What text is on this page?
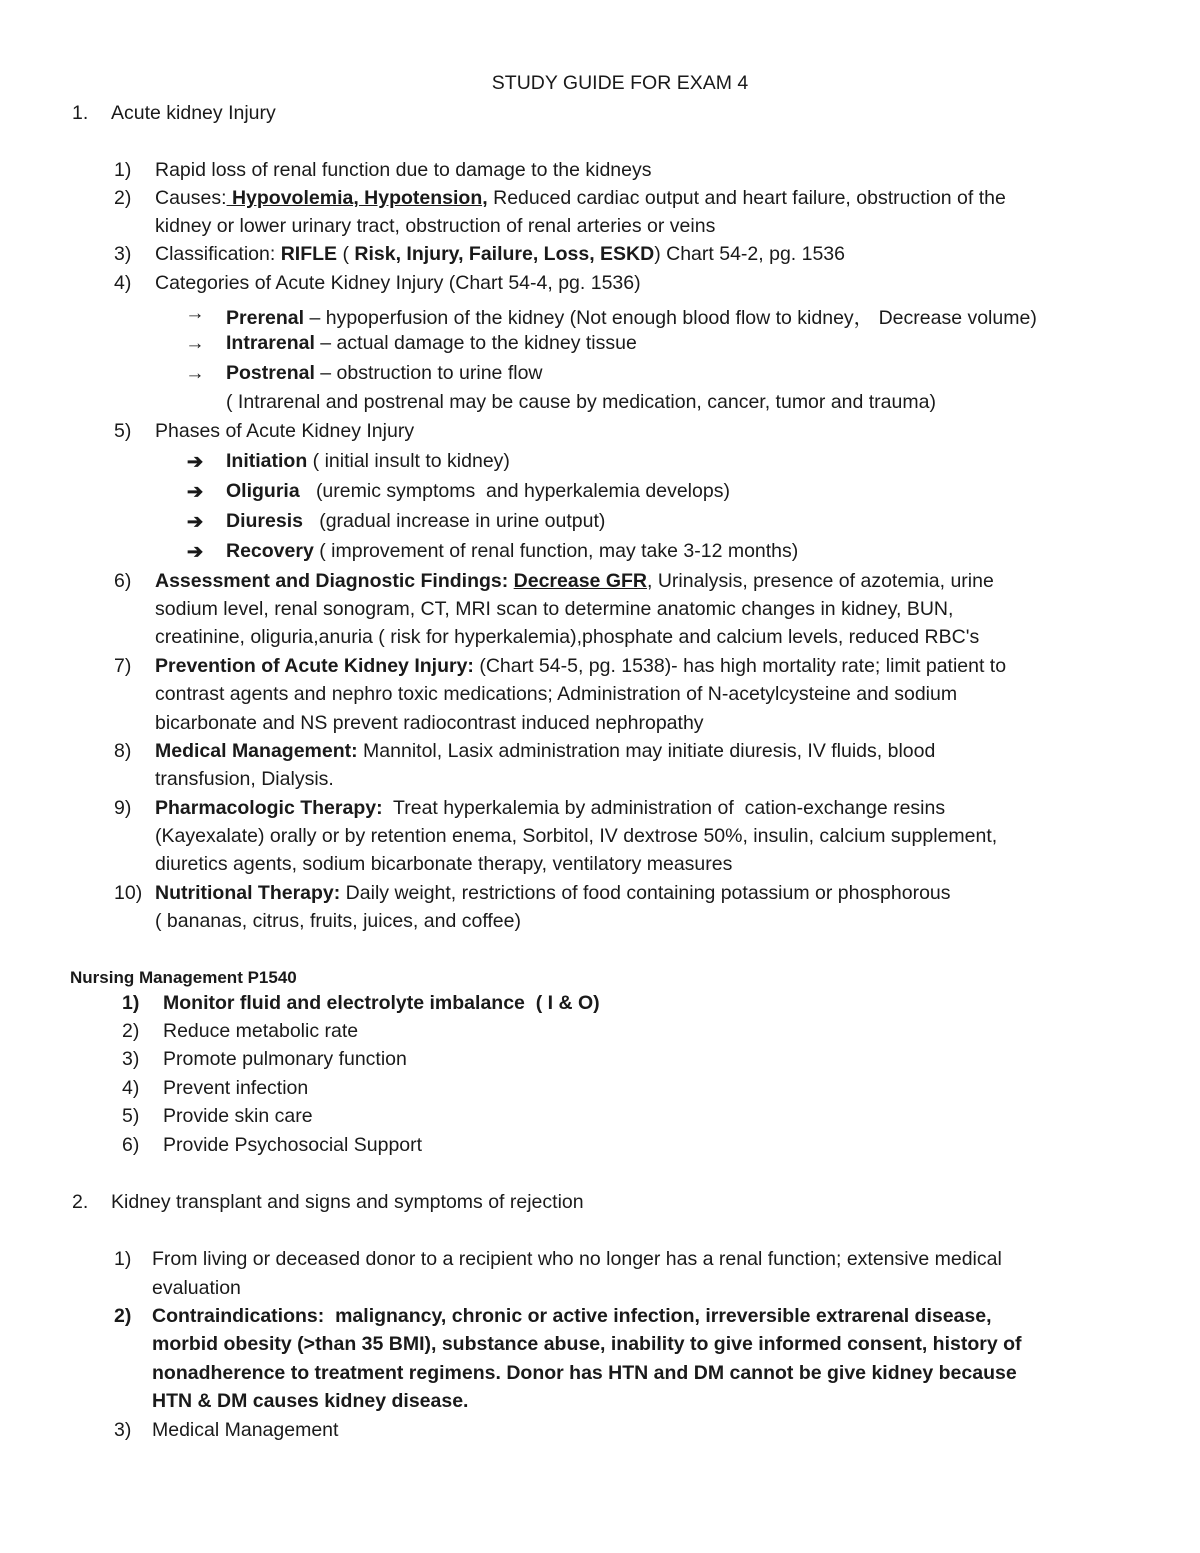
STUDY GUIDE FOR EXAM 4
1. Acute kidney Injury
1) Rapid loss of renal function due to damage to the kidneys
2) Causes: Hypovolemia, Hypotension, Reduced cardiac output and heart failure, obstruction of the
kidney or lower urinary tract, obstruction of renal arteries or veins
3) Classification: RIFLE ( Risk, Injury, Failure, Loss, ESKD) Chart 54-2, pg. 1536
4) Categories of Acute Kidney Injury (Chart 54-4, pg. 1536)
→ Prerenal – hypoperfusion of the kidney (Not enough blood flow to kidney， Decrease volume)
→ Intrarenal – actual damage to the kidney tissue
→ Postrenal – obstruction to urine flow
( Intrarenal and postrenal may be cause by medication, cancer, tumor and trauma)
5) Phases of Acute Kidney Injury
➔ Initiation ( initial insult to kidney)
➔ Oliguria   (uremic symptoms  and hyperkalemia develops)
➔ Diuresis   (gradual increase in urine output)
➔ Recovery ( improvement of renal function, may take 3-12 months)
6) Assessment and Diagnostic Findings: Decrease GFR, Urinalysis, presence of azotemia, urine
sodium level, renal sonogram, CT, MRI scan to determine anatomic changes in kidney, BUN,
creatinine, oliguria,anuria ( risk for hyperkalemia),phosphate and calcium levels, reduced RBC's
7) Prevention of Acute Kidney Injury: (Chart 54-5, pg. 1538)- has high mortality rate; limit patient to
contrast agents and nephro toxic medications; Administration of N-acetylcysteine and sodium
bicarbonate and NS prevent radiocontrast induced nephropathy
8) Medical Management: Mannitol, Lasix administration may initiate diuresis, IV fluids, blood
transfusion, Dialysis.
9) Pharmacologic Therapy:  Treat hyperkalemia by administration of  cation-exchange resins
(Kayexalate) orally or by retention enema, Sorbitol, IV dextrose 50%, insulin, calcium supplement,
diuretics agents, sodium bicarbonate therapy, ventilatory measures
10) Nutritional Therapy: Daily weight, restrictions of food containing potassium or phosphorous
( bananas, citrus, fruits, juices, and coffee)
Nursing Management P1540
1) Monitor fluid and electrolyte imbalance  ( I & O)
2) Reduce metabolic rate
3) Promote pulmonary function
4) Prevent infection
5) Provide skin care
6) Provide Psychosocial Support
2. Kidney transplant and signs and symptoms of rejection
1) From living or deceased donor to a recipient who no longer has a renal function; extensive medical
evaluation
2) Contraindications:  malignancy, chronic or active infection, irreversible extrarenal disease,
morbid obesity (>than 35 BMI), substance abuse, inability to give informed consent, history of
nonadherence to treatment regimens. Donor has HTN and DM cannot be give kidney because
HTN & DM causes kidney disease.
3) Medical Management
